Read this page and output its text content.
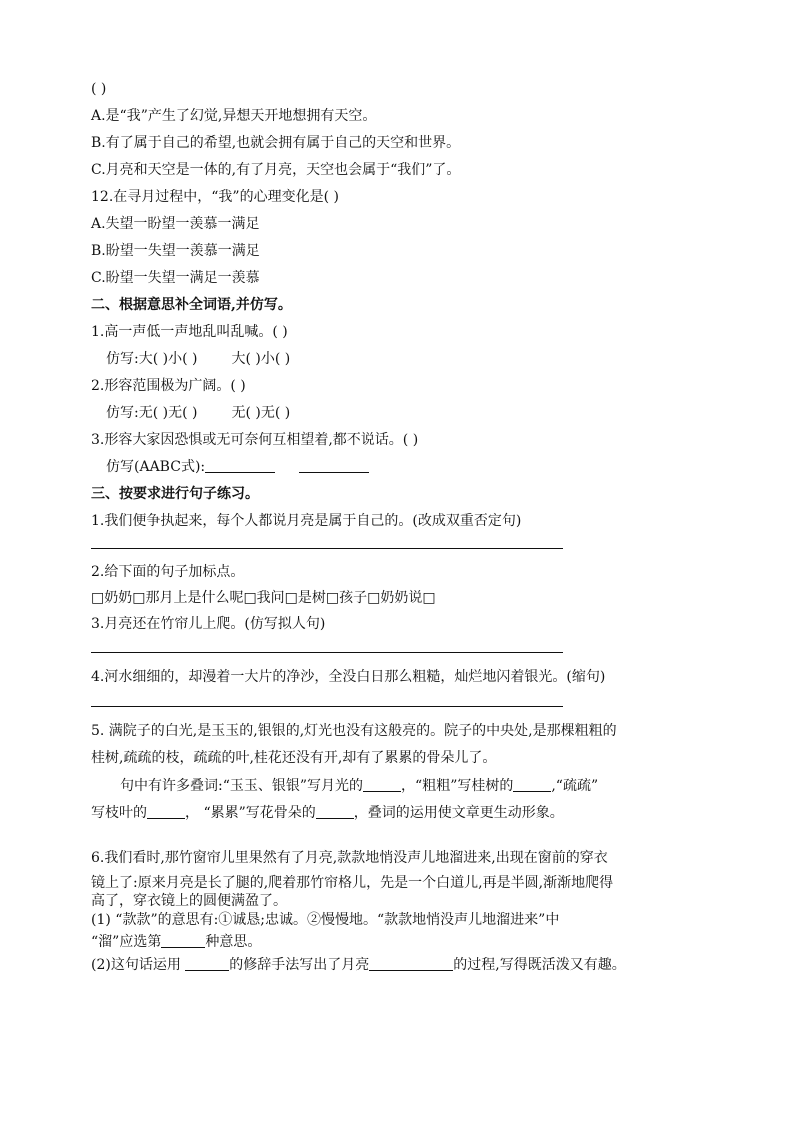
( )
A.是“我”产生了幻觉,异想天开地想拥有天空。
B.有了属于自己的希望,也就会拥有属于自己的天空和世界。
C.月亮和天空是一体的,有了月亮，天空也会属于“我们”了。
12.在寻月过程中，“我”的心理变化是( )
A.失望一盼望一羡慕一满足
B.盼望一失望一羡慕一满足
C.盼望一失望一满足一羡慕
二、根据意思补全词语,并仿写。
1.高一声低一声地乱叫乱喊。( )
仿写:大( )小( ) 大( )小( )
2.形容范围极为广阔。( )
仿写:无( )无( ) 无( )无( )
3.形容大家因恐惧或无可奈何互相望着,都不说话。( )
仿写(AABC式):
三、按要求进行句子练习。
1.我们便争执起来，每个人都说月亮是属于自己的。(改成双重否定句)
2.给下面的句子加标点。
□奶奶□那月上是什么呢□我问□是树□孩子□奶奶说□
3.月亮还在竹帘儿上爬。(仿写拟人句)
4.河水细细的，却漫着一大片的净沙，全没白日那么粗糙，灿烂地闪着银光。(缩句)
5. 满院子的白光,是玉玉的,银银的,灯光也没有这般亮的。院子的中央处,是那棵粗粗的
桂树,疏疏的枝，疏疏的叶,桂花还没有开,却有了累累的骨朵儿了。
句中有许多叠词:“玉玉、银银”写月光的	，“粗粗”写桂树的	,“疏疏”
写枝叶的	， “累累”写花骨朵的	，叠词的运用使文章更生动形象。
6.我们看时,那竹窗帘儿里果然有了月亮,款款地悄没声儿地溜进来,出现在窗前的穿衣
镜上了:原来月亮是长了腿的,爬着那竹帘格儿，先是一个白道儿,再是半圆,渐渐地爬得
高了，穿衣镜上的圆便满盈了。
(1) “款款”的意思有:①诚恳;忠诚。②慢慢地。“款款地悄没声儿地溜进来”中
“溜”应选第	种意思。
(2)这句话运用	的修辞手法写出了月亮	的过程,写得既活泼又有趣。
